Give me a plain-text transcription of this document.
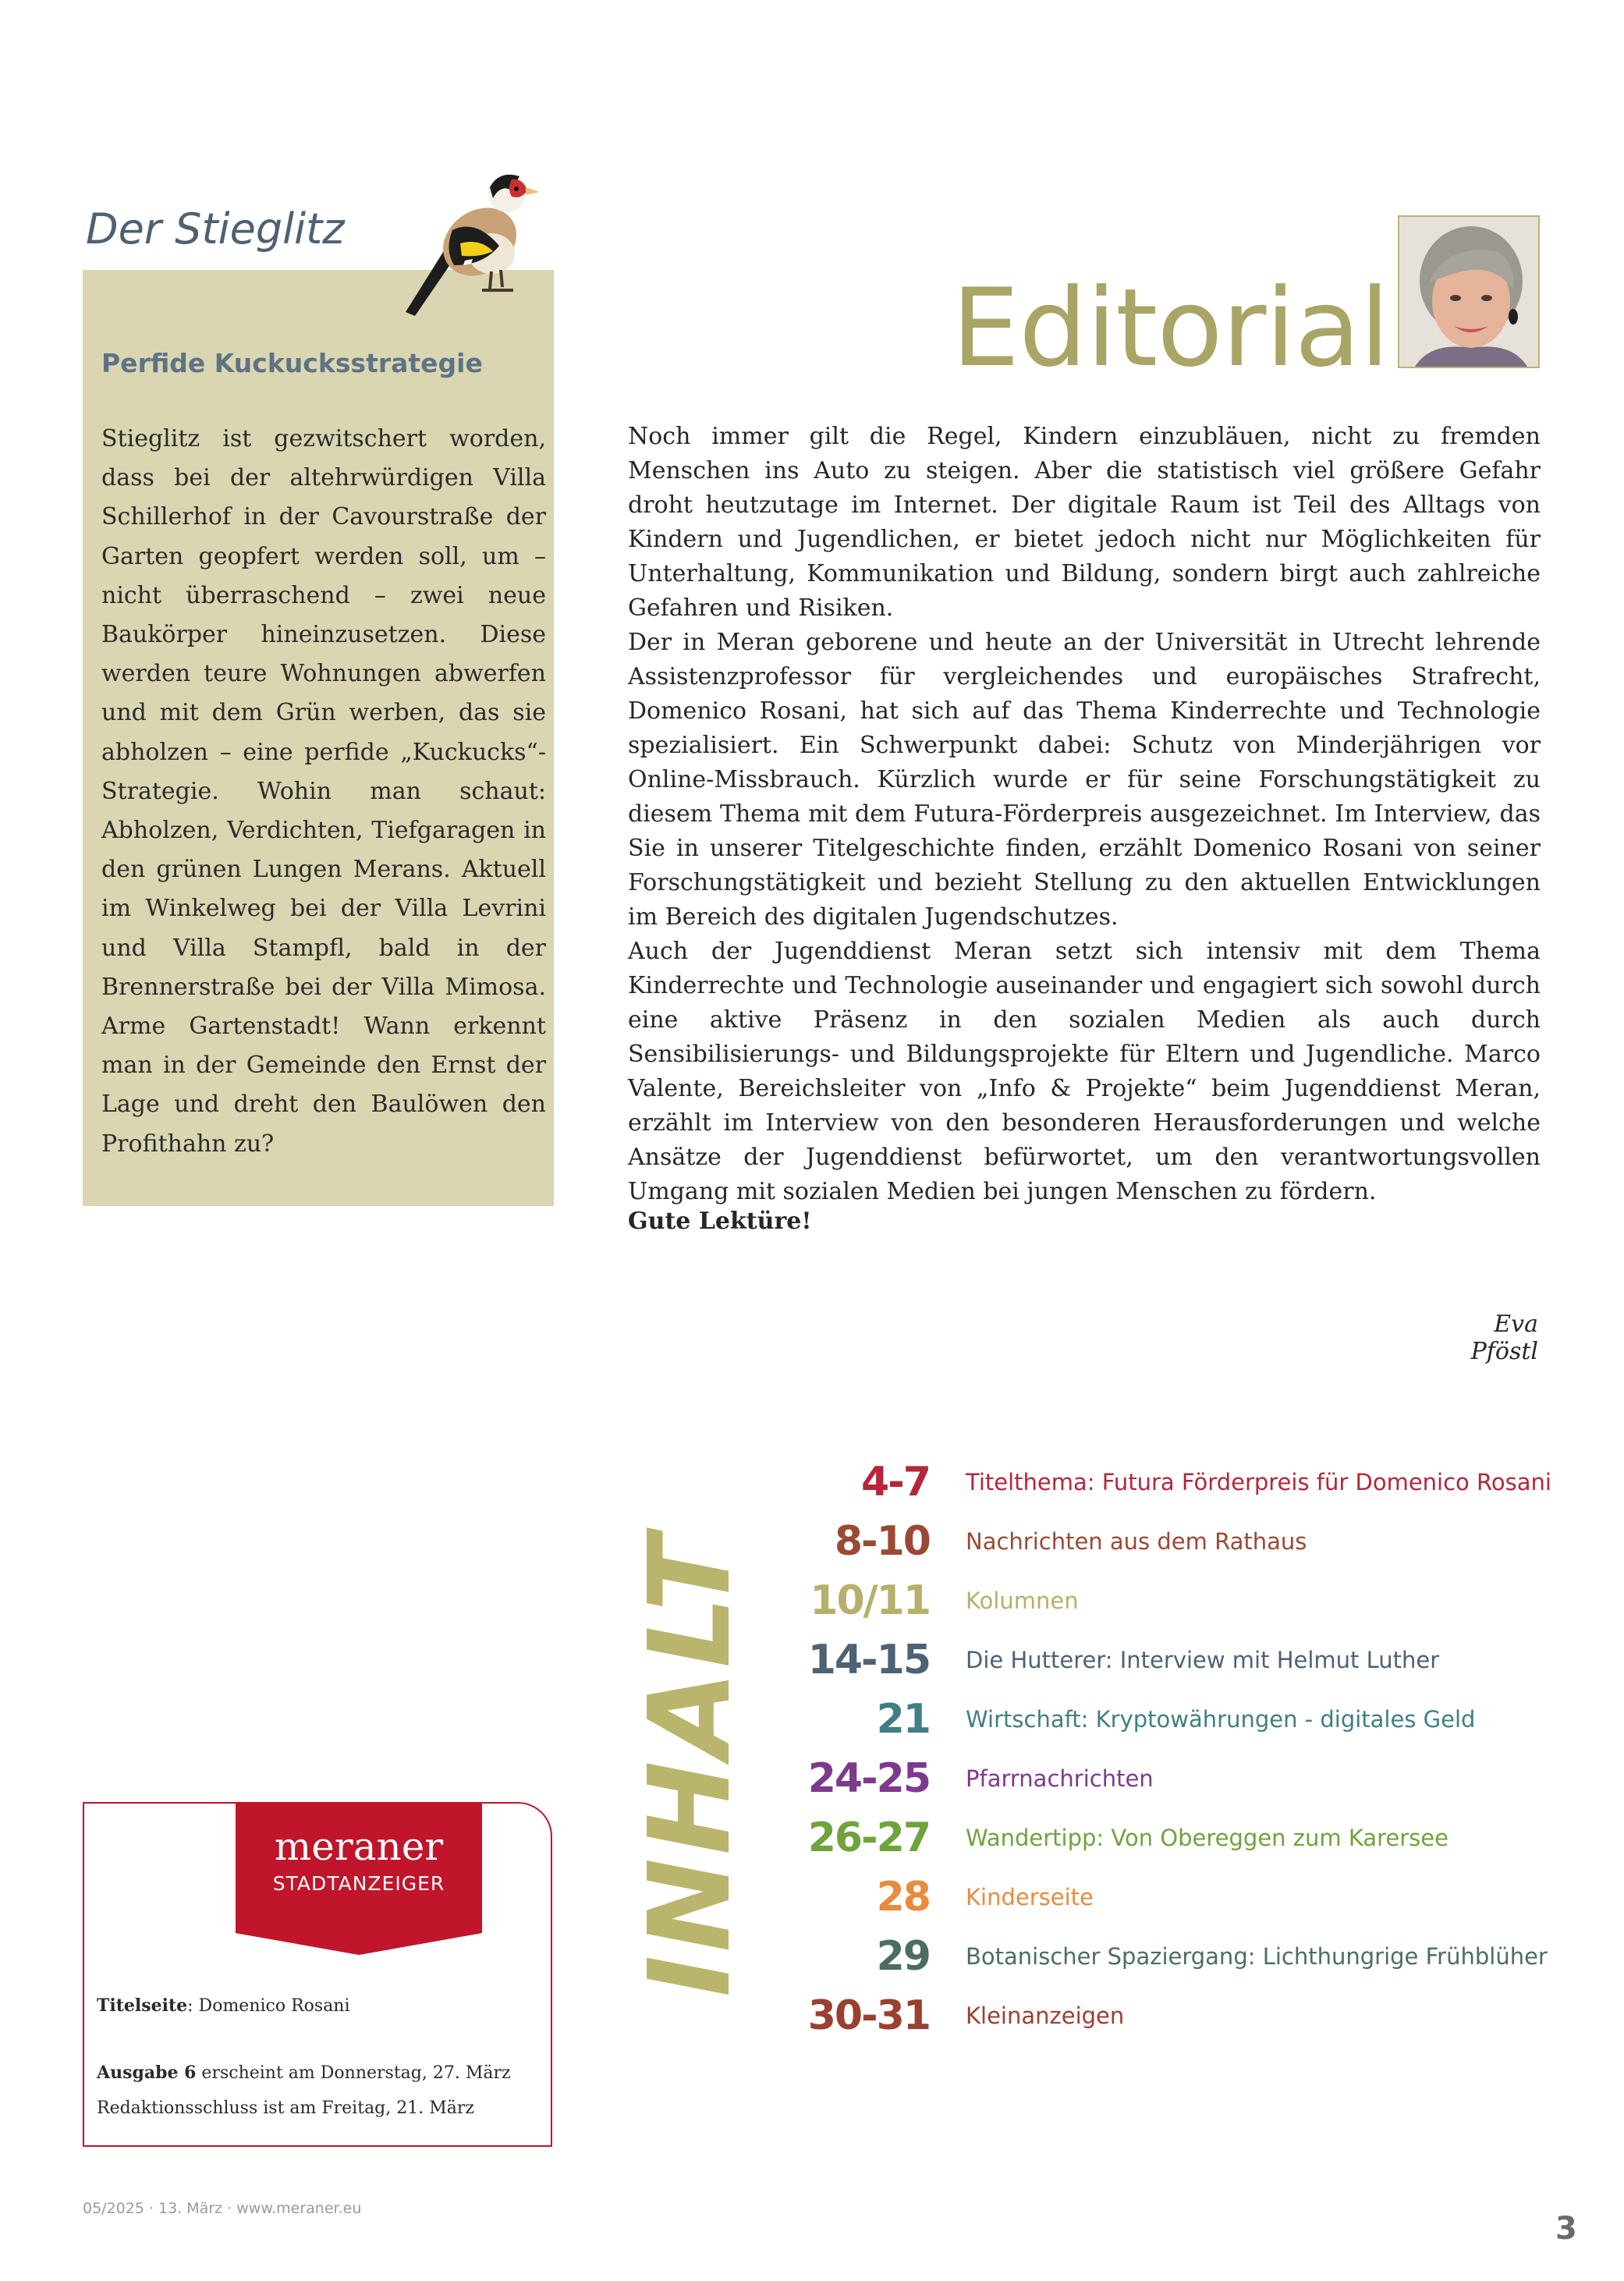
Der Stieglitz
Perfide Kuckucksstrategie

Stieglitz ist gezwitschert worden, dass bei der altehrwürdigen Villa Schillerhof in der Cavourstraße der Garten geopfert werden soll, um – nicht überraschend – zwei neue Baukörper hineinzusetzen. Diese werden teure Wohnungen abwerfen und mit dem Grün werben, das sie abholzen – eine perfide „Kuckucks“-Strategie. Wohin man schaut: Abholzen, Verdichten, Tiefgaragen in den grünen Lungen Merans. Aktuell im Winkelweg bei der Villa Levrini und Villa Stampfl, bald in der Brennerstraße bei der Villa Mimosa. Arme Gartenstadt! Wann erkennt man in der Gemeinde den Ernst der Lage und dreht den Baulöwen den Profithahn zu?

Editorial

Noch immer gilt die Regel, Kindern einzubläuen, nicht zu fremden Menschen ins Auto zu steigen. Aber die statistisch viel größere Gefahr droht heutzutage im Internet. Der digitale Raum ist Teil des Alltags von Kindern und Jugendlichen, er bietet jedoch nicht nur Möglichkeiten für Unterhaltung, Kommunikation und Bildung, sondern birgt auch zahlreiche Gefahren und Risiken.

Der in Meran geborene und heute an der Universität in Utrecht lehrende Assistenzprofessor für vergleichendes und europäisches Strafrecht, Domenico Rosani, hat sich auf das Thema Kinderrechte und Technologie spezialisiert. Ein Schwerpunkt dabei: Schutz von Minderjährigen vor Online-Missbrauch. Kürzlich wurde er für seine Forschungstätigkeit zu diesem Thema mit dem Futura-Förderpreis ausgezeichnet. Im Interview, das Sie in unserer Titelgeschichte finden, erzählt Domenico Rosani von seiner Forschungstätigkeit und bezieht Stellung zu den aktuellen Entwicklungen im Bereich des digitalen Jugendschutzes.

Auch der Jugenddienst Meran setzt sich intensiv mit dem Thema Kinderrechte und Technologie auseinander und engagiert sich sowohl durch eine aktive Präsenz in den sozialen Medien als auch durch Sensibilisierungs- und Bildungsprojekte für Eltern und Jugendliche. Marco Valente, Bereichsleiter von „Info & Projekte“ beim Jugenddienst Meran, erzählt im Interview von den besonderen Herausforderungen und welche Ansätze der Jugenddienst befürwortet, um den verantwortungsvollen Umgang mit sozialen Medien bei jungen Menschen zu fördern.

Gute Lektüre!
Eva Pföstl
INHALT
4-7 Titelthema: Futura Förderpreis für Domenico Rosani
8-10 Nachrichten aus dem Rathaus
10/11 Kolumnen
14-15 Die Hutterer: Interview mit Helmut Luther
21 Wirtschaft: Kryptowährungen - digitales Geld
24-25 Pfarrnachrichten
26-27 Wandertipp: Von Obereggen zum Karersee
28 Kinderseite
29 Botanischer Spaziergang: Lichthungrige Frühblüher
30-31 Kleinanzeigen
meraner
STADTANZEIGER
Titelseite: Domenico Rosani
Ausgabe 6 erscheint am Donnerstag, 27. März
Redaktionsschluss ist am Freitag, 21. März
05/2025 · 13. März · www.meraner.eu
3
